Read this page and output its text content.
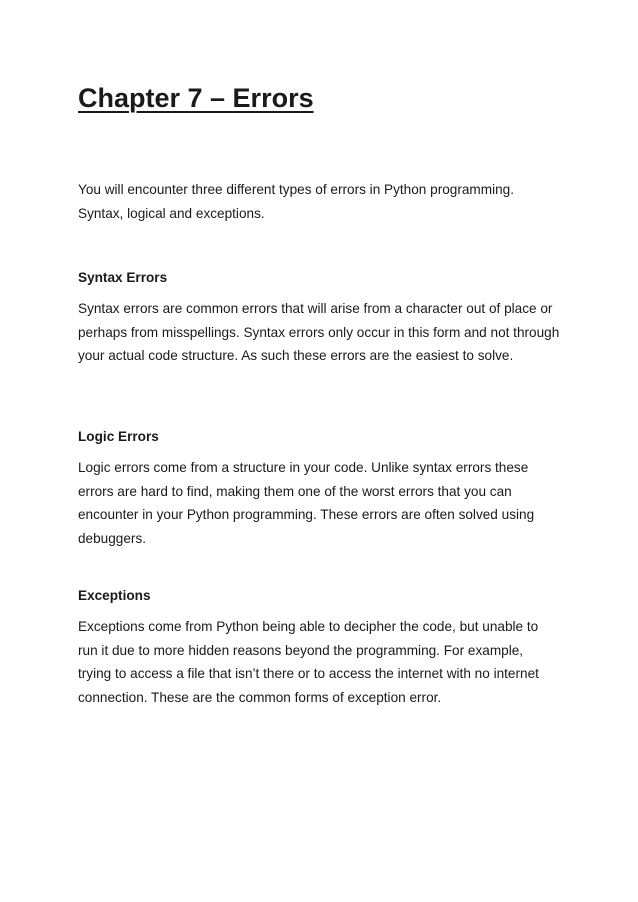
Chapter 7 – Errors

You will encounter three different types of errors in Python programming. Syntax, logical and exceptions.

Syntax Errors

Syntax errors are common errors that will arise from a character out of place or perhaps from misspellings. Syntax errors only occur in this form and not through your actual code structure. As such these errors are the easiest to solve.

Logic Errors

Logic errors come from a structure in your code. Unlike syntax errors these errors are hard to find, making them one of the worst errors that you can encounter in your Python programming. These errors are often solved using debuggers.

Exceptions

Exceptions come from Python being able to decipher the code, but unable to run it due to more hidden reasons beyond the programming. For example, trying to access a file that isn’t there or to access the internet with no internet connection. These are the common forms of exception error.
